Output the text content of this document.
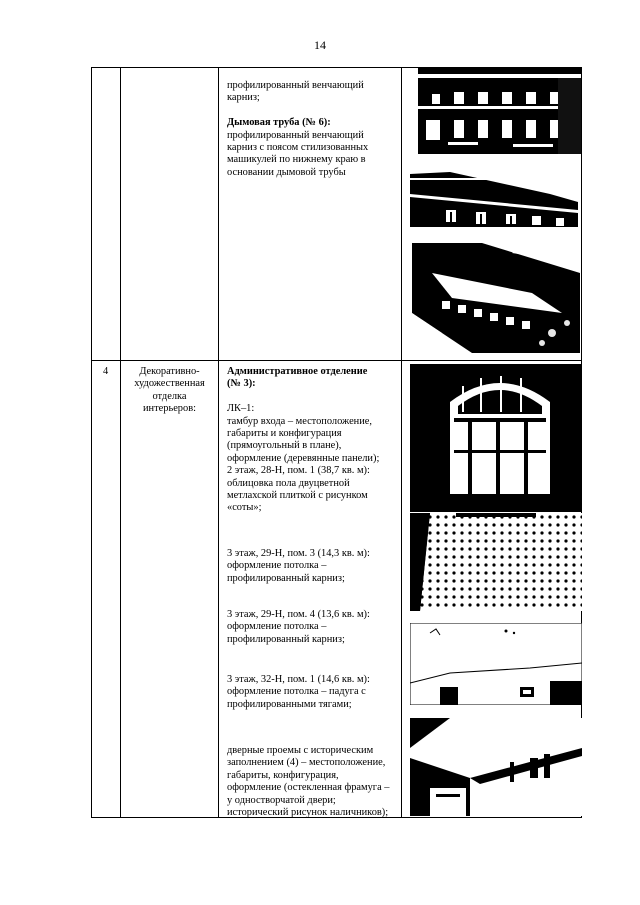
14

профилированный венчающий

карниз;

Дымовая труба (№ 6):

профилированный венчающий

карниз с поясом стилизованных

машикулей по нижнему краю в

основании дымовой трубы

4	Декоративно-
художественная
отделка
интерьеров:

Административное отделение

(№ 3):

ЛК–1:

тамбур входа – местоположение,

габариты и конфигурация

(прямоугольный в плане),

оформление (деревянные панели);

2 этаж, 28-Н, пом. 1 (38,7 кв. м):

облицовка пола двуцветной

метлахской плиткой с рисунком

«соты»;

3 этаж, 29-Н, пом. 3 (14,3 кв. м):

оформление потолка –

профилированный карниз;

3 этаж, 29-Н, пом. 4 (13,6 кв. м):

оформление потолка –

профилированный карниз;

3 этаж, 32-Н, пом. 1 (14,6 кв. м):

оформление потолка – падуга с

профилированными тягами;

дверные проемы с историческим

заполнением (4) – местоположение,

габариты, конфигурация,

оформление (остекленная фрамуга –

у одностворчатой двери;

исторический рисунок наличников);
